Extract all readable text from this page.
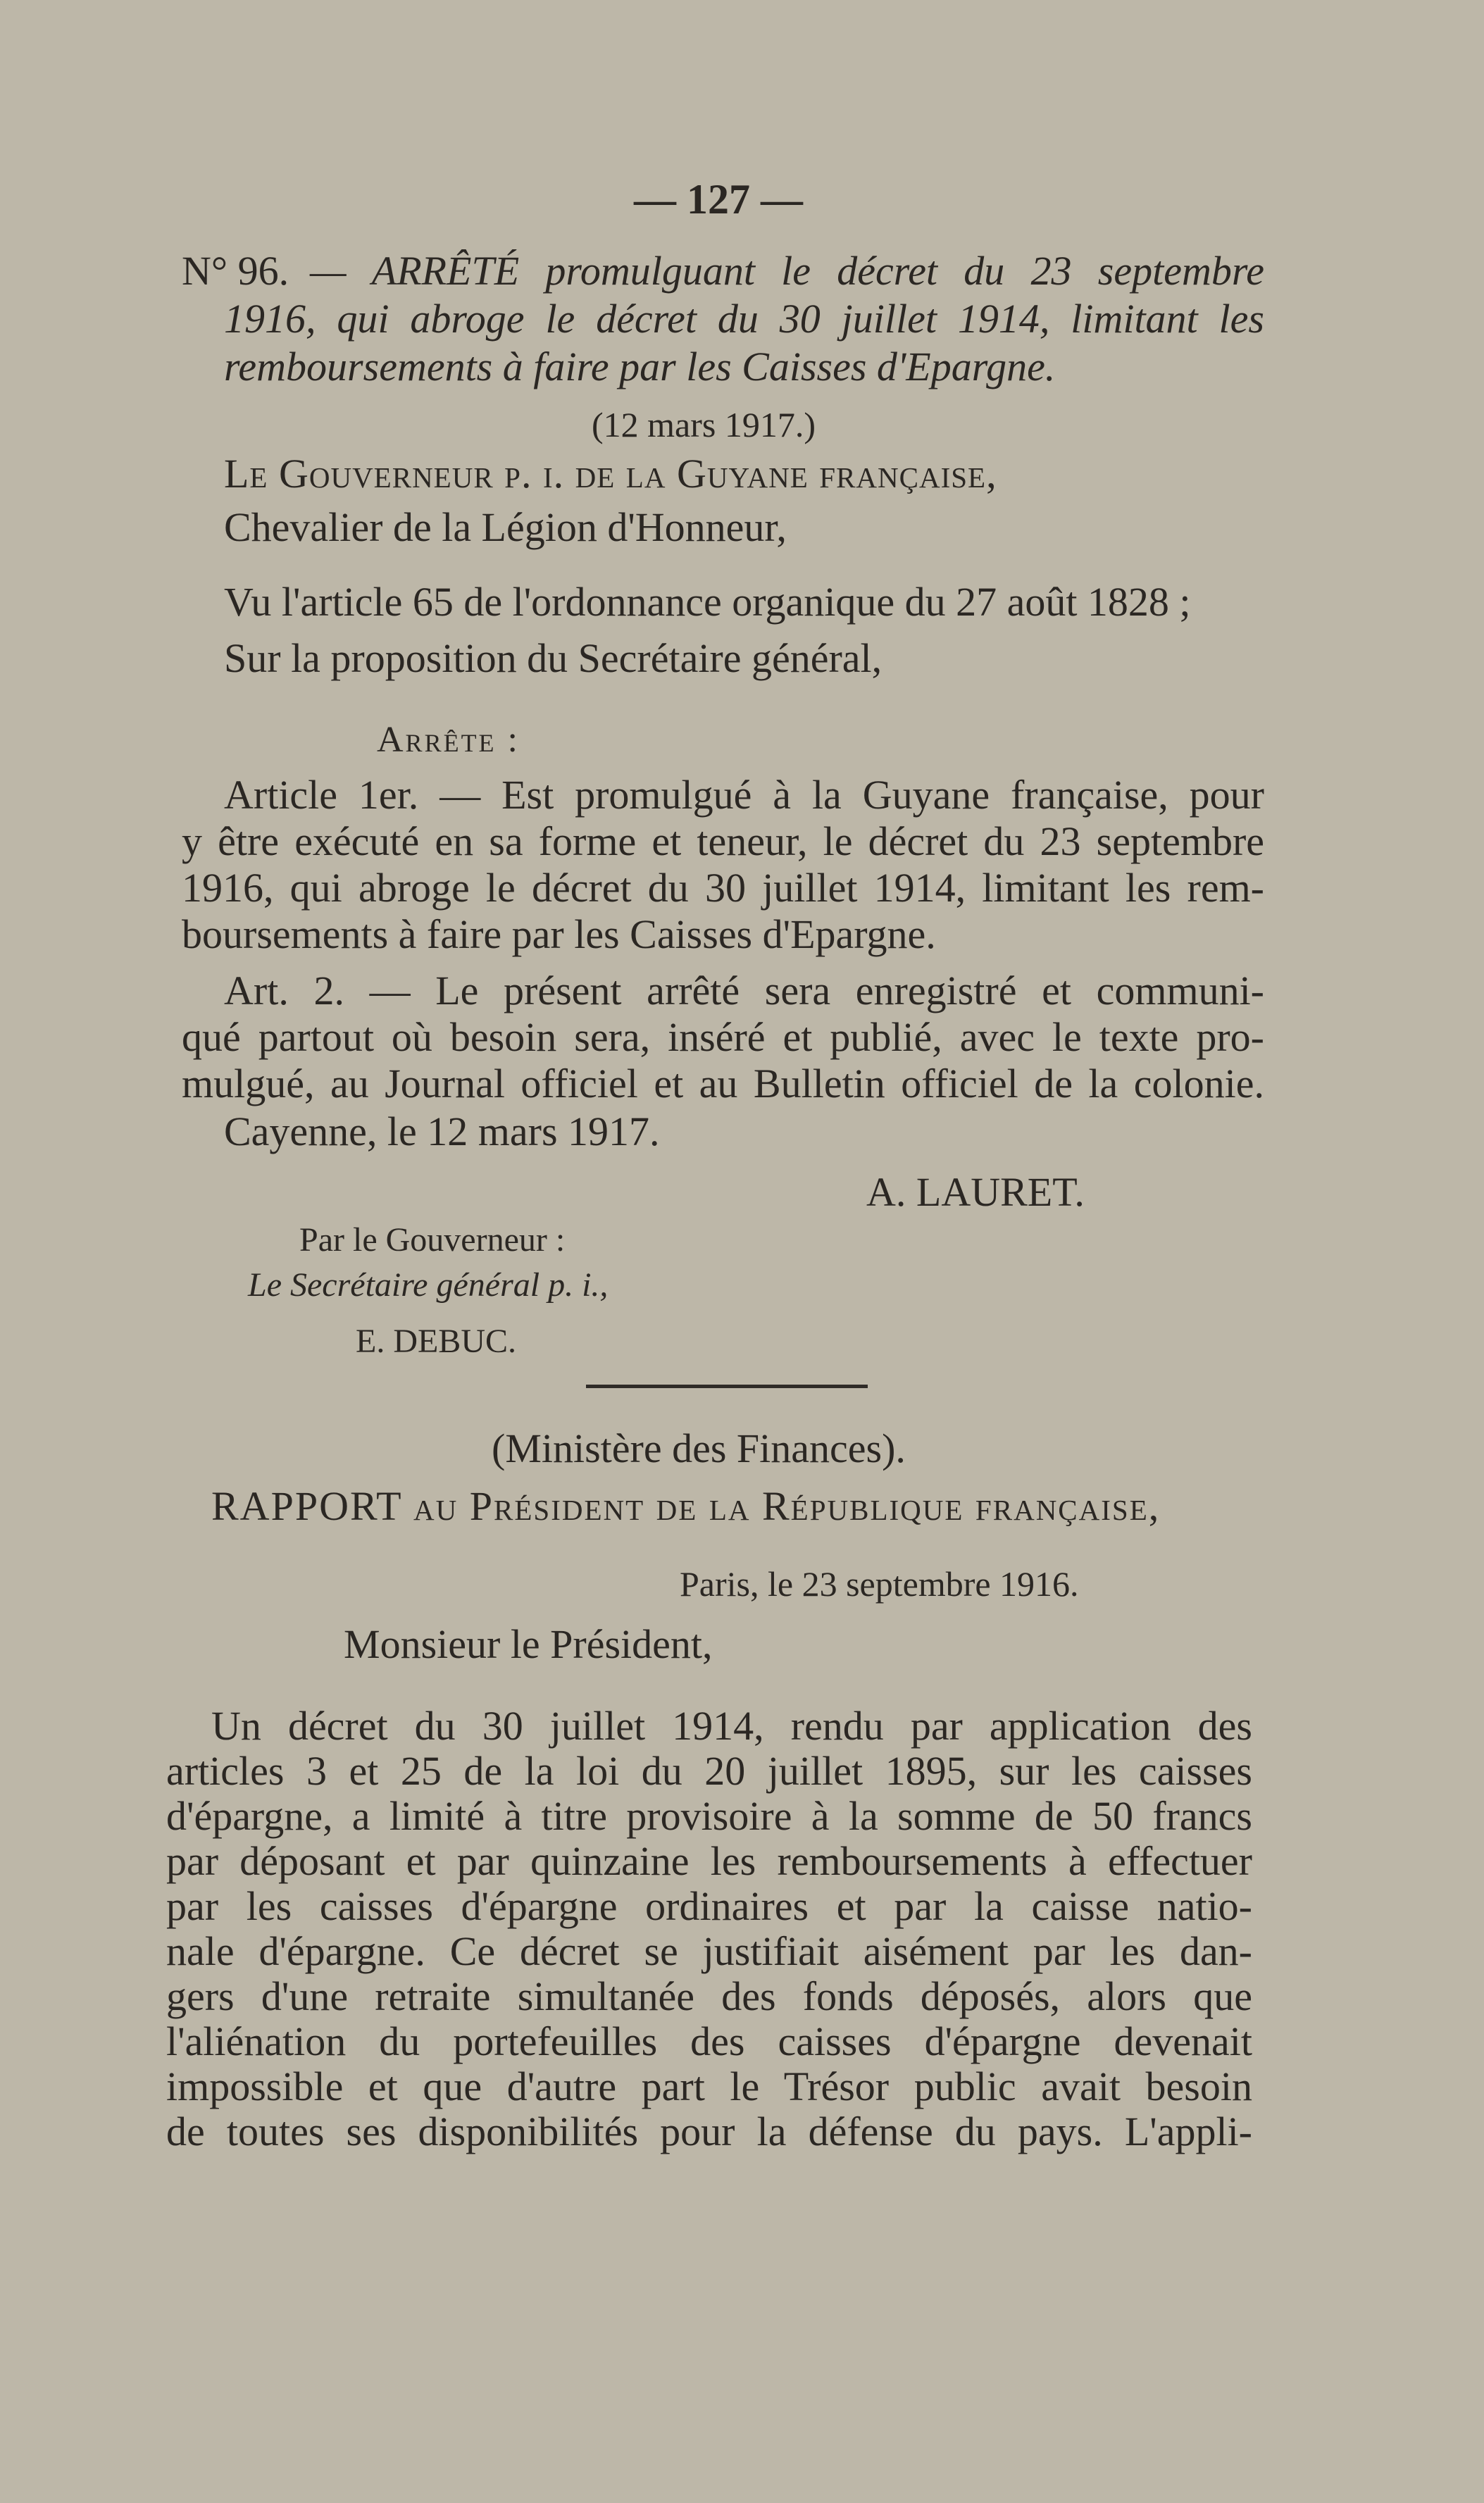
— 127 —
N° 96. — ARRÊTÉ promulguant le décret du 23 septembre
1916, qui abroge le décret du 30 juillet 1914, limitant les
remboursements à faire par les Caisses d'Epargne.
(12 mars 1917.)
Le Gouverneur p. i. de la Guyane française,
Chevalier de la Légion d'Honneur,
Vu l'article 65 de l'ordonnance organique du 27 août 1828 ;
Sur la proposition du Secrétaire général,
Arrête :
Article 1er. — Est promulgué à la Guyane française, pour
y être exécuté en sa forme et teneur, le décret du 23 septembre
1916, qui abroge le décret du 30 juillet 1914, limitant les rem-
boursements à faire par les Caisses d'Epargne.
Art. 2. — Le présent arrêté sera enregistré et communi-
qué partout où besoin sera, inséré et publié, avec le texte pro-
mulgué, au Journal officiel et au Bulletin officiel de la colonie.
Cayenne, le 12 mars 1917.
A. LAURET.
Par le Gouverneur :
Le Secrétaire général p. i.,
E. DEBUC.
(Ministère des Finances).
RAPPORT au Président de la République française,
Paris, le 23 septembre 1916.
Monsieur le Président,
Un décret du 30 juillet 1914, rendu par application des
articles 3 et 25 de la loi du 20 juillet 1895, sur les caisses
d'épargne, a limité à titre provisoire à la somme de 50 francs
par déposant et par quinzaine les remboursements à effectuer
par les caisses d'épargne ordinaires et par la caisse natio-
nale d'épargne. Ce décret se justifiait aisément par les dan-
gers d'une retraite simultanée des fonds déposés, alors que
l'aliénation du portefeuilles des caisses d'épargne devenait
impossible et que d'autre part le Trésor public avait besoin
de toutes ses disponibilités pour la défense du pays. L'appli-
